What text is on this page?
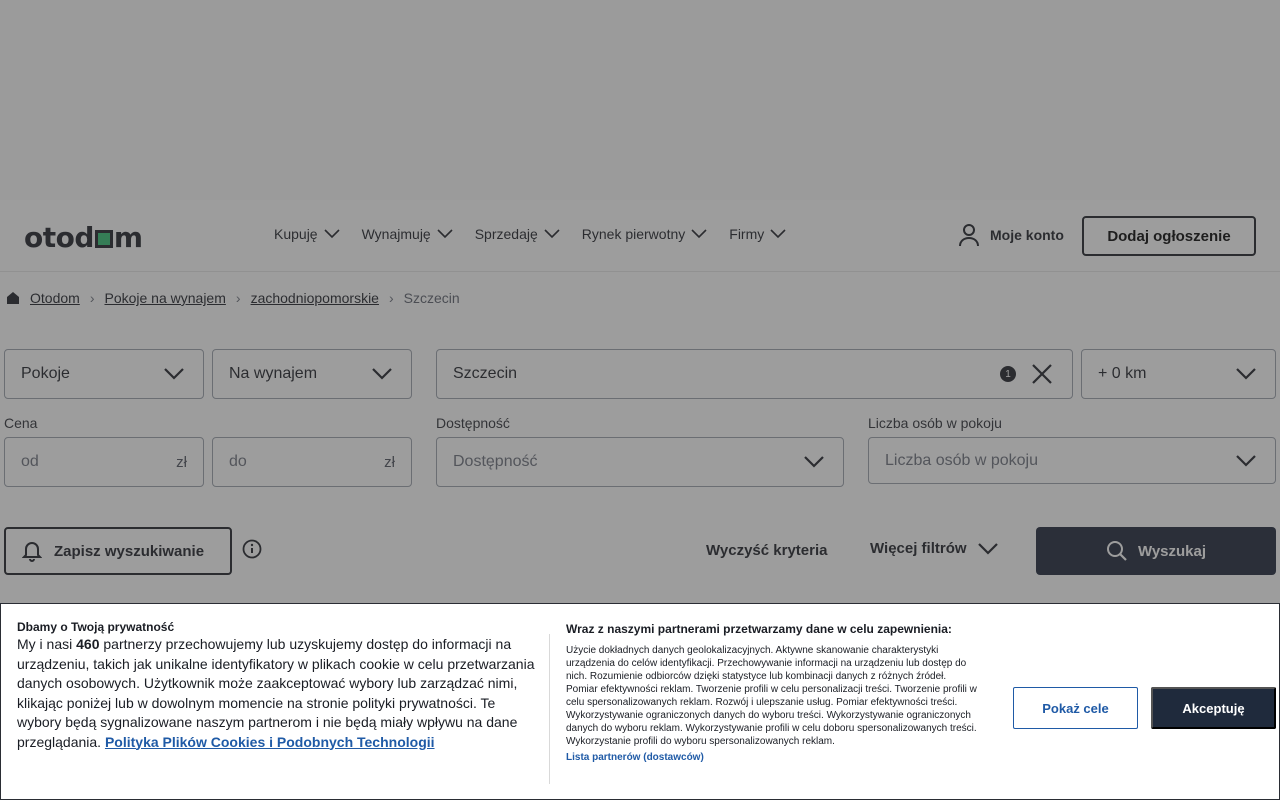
Dbamy o Twoją prywatność
My i nasi 460 partnerzy przechowujemy lub uzyskujemy dostęp do informacji na urządzeniu, takich jak unikalne identyfikatory w plikach cookie w celu przetwarzania danych osobowych. Użytkownik może zaakceptować wybory lub zarządzać nimi, klikając poniżej lub w dowolnym momencie na stronie polityki prywatności. Te wybory będą sygnalizowane naszym partnerom i nie będą miały wpływu na dane przeglądania. Polityka Plików Cookies i Podobnych Technologii
Wraz z naszymi partnerami przetwarzamy dane w celu zapewnienia:
Użycie dokładnych danych geolokalizacyjnych. Aktywne skanowanie charakterystyki
urządzenia do celów identyfikacji. Przechowywanie informacji na urządzeniu lub dostęp do
nich. Rozumienie odbiorców dzięki statystyce lub kombinacji danych z różnych źródeł.
Pomiar efektywności reklam. Tworzenie profili w celu personalizacji treści. Tworzenie profili w
celu spersonalizowanych reklam. Rozwój i ulepszanie usług. Pomiar efektywności treści.
Wykorzystywanie ograniczonych danych do wyboru treści. Wykorzystywanie ograniczonych
danych do wyboru reklam. Wykorzystywanie profili w celu doboru spersonalizowanych treści.
Wykorzystanie profili do wyboru spersonalizowanych reklam.
Lista partnerów (dostawców)
Pokaż cele	Akceptuję
